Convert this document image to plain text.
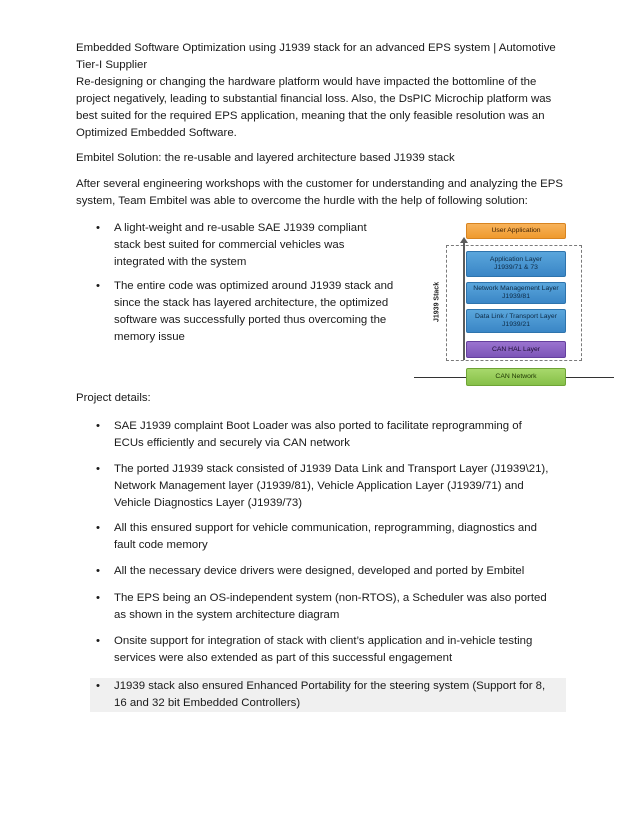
Embedded Software Optimization using J1939 stack for an advanced EPS system | Automotive Tier-I Supplier

Re-designing or changing the hardware platform would have impacted the bottomline of the project negatively, leading to substantial financial loss. Also, the DsPIC Microchip platform was best suited for the required EPS application, meaning that the only feasible resolution was an Optimized Embedded Software.

Embitel Solution: the re-usable and layered architecture based J1939 stack

After several engineering workshops with the customer for understanding and analyzing the EPS system, Team Embitel was able to overcome the hurdle with the help of following solution:

•	A light-weight and re-usable SAE J1939 compliant stack best suited for commercial vehicles was integrated with the system
•	The entire code was optimized around J1939 stack and since the stack has layered architecture, the optimized software was successfully ported thus overcoming the memory issue
User Application
J1939 Stack
Application Layer
J1939/71 & 73
Network Management Layer
J1939/81
Data Link / Transport Layer
J1939/21
CAN HAL Layer
CAN Network

Project details:

•	SAE J1939 complaint Boot Loader was also ported to facilitate reprogramming of ECUs efficiently and securely via CAN network
•	The ported J1939 stack consisted of J1939 Data Link and Transport Layer (J1939\21), Network Management layer (J1939/81), Vehicle Application Layer (J1939/71) and Vehicle Diagnostics Layer (J1939/73)
•	All this ensured support for vehicle communication, reprogramming, diagnostics and fault code memory
•	All the necessary device drivers were designed, developed and ported by Embitel
•	The EPS being an OS-independent system (non-RTOS), a Scheduler was also ported as shown in the system architecture diagram
•	Onsite support for integration of stack with client’s application and in-vehicle testing services were also extended as part of this successful engagement
•	J1939 stack also ensured Enhanced Portability for the steering system (Support for 8, 16 and 32 bit Embedded Controllers)
